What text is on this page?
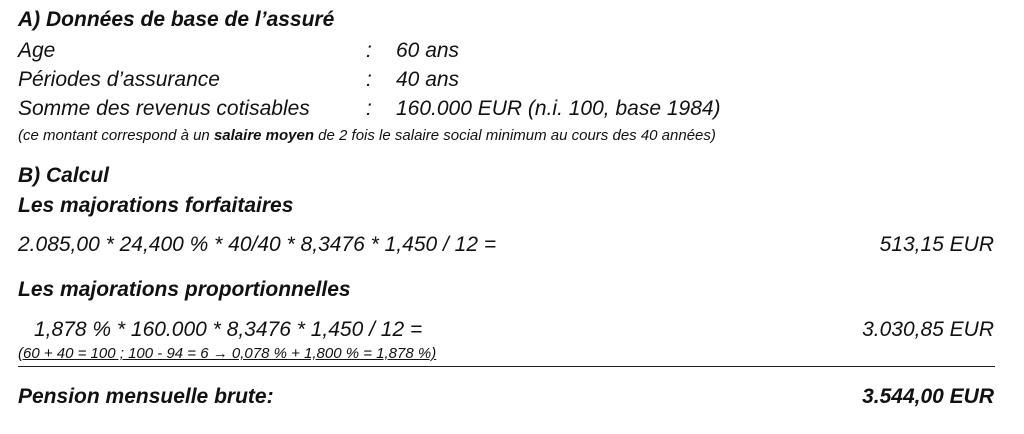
A) Données de base de l’assuré
Age	: 60 ans
Périodes d’assurance	: 40 ans
Somme des revenus cotisables	: 160.000 EUR (n.i. 100, base 1984)
(ce montant correspond à un salaire moyen de 2 fois le salaire social minimum au cours des 40 années)
B) Calcul
Les majorations forfaitaires
2.085,00 * 24,400 % * 40/40 * 8,3476 * 1,450 / 12 =	513,15 EUR
Les majorations proportionnelles
1,878 % * 160.000 * 8,3476 * 1,450 / 12 =	3.030,85 EUR
(60 + 40 = 100 ; 100 - 94 = 6 → 0,078 % + 1,800 % = 1,878 %)
Pension mensuelle brute:	3.544,00 EUR
